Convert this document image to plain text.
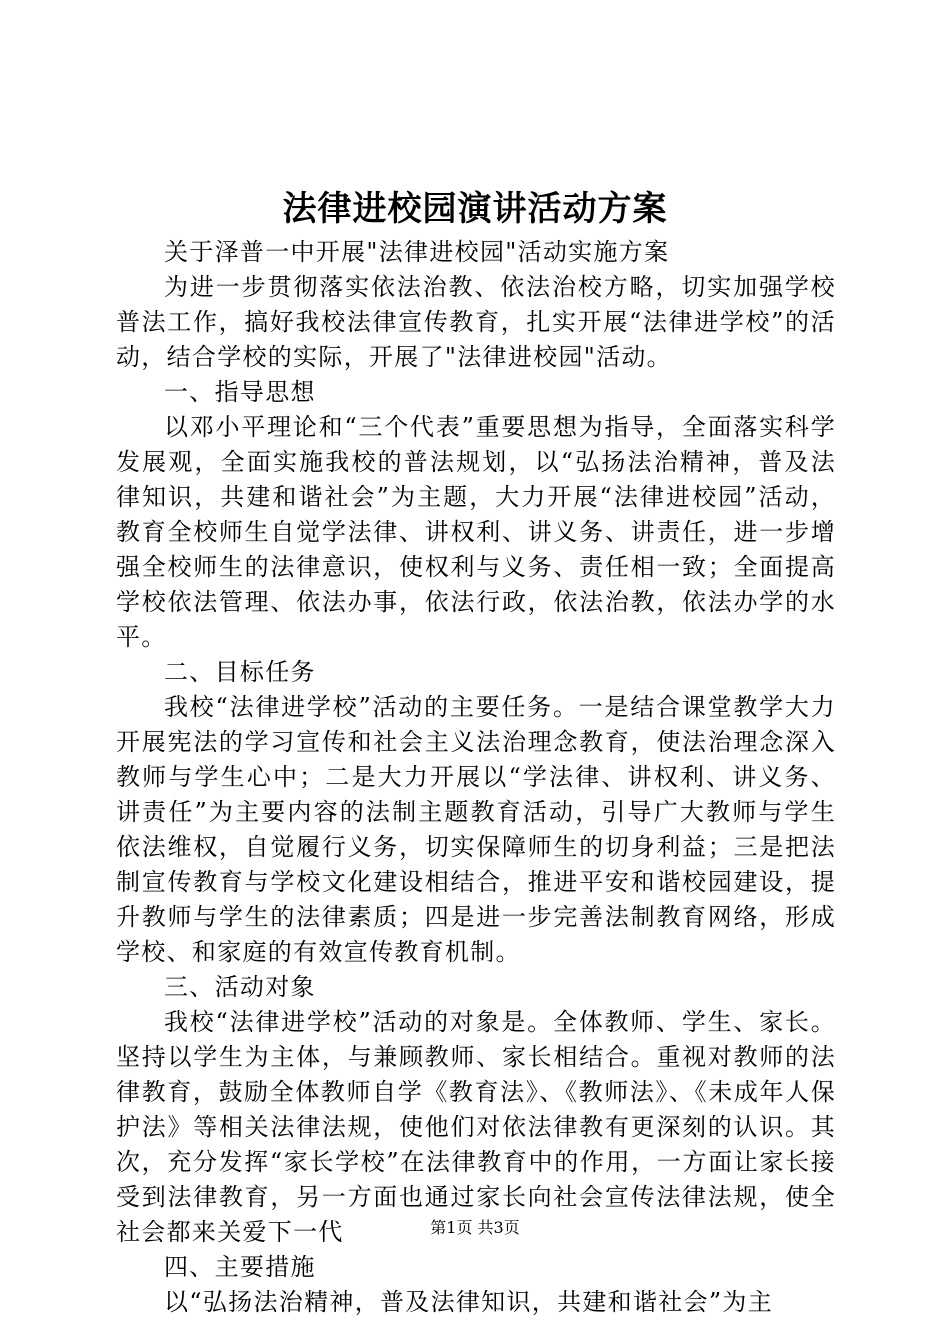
法律进校园演讲活动方案

关于泽普一中开展"法律进校园"活动实施方案

为进一步贯彻落实依法治教、依法治校方略，切实加强学校普法工作，搞好我校法律宣传教育，扎实开展“法律进学校”的活动，结合学校的实际，开展了"法律进校园"活动。

一、指导思想

以邓小平理论和“三个代表”重要思想为指导，全面落实科学发展观，全面实施我校的普法规划，以“弘扬法治精神，普及法律知识，共建和谐社会”为主题，大力开展“法律进校园”活动，教育全校师生自觉学法律、讲权利、讲义务、讲责任，进一步增强全校师生的法律意识，使权利与义务、责任相一致；全面提高学校依法管理、依法办事，依法行政，依法治教，依法办学的水平。

二、目标任务

我校“法律进学校”活动的主要任务。一是结合课堂教学大力开展宪法的学习宣传和社会主义法治理念教育，使法治理念深入教师与学生心中；二是大力开展以“学法律、讲权利、讲义务、讲责任”为主要内容的法制主题教育活动，引导广大教师与学生依法维权，自觉履行义务，切实保障师生的切身利益；三是把法制宣传教育与学校文化建设相结合，推进平安和谐校园建设，提升教师与学生的法律素质；四是进一步完善法制教育网络，形成学校、和家庭的有效宣传教育机制。

三、活动对象

我校“法律进学校”活动的对象是。全体教师、学生、家长。坚持以学生为主体，与兼顾教师、家长相结合。重视对教师的法律教育，鼓励全体教师自学《教育法》、《教师法》、《未成年人保护法》等相关法律法规，使他们对依法律教有更深刻的认识。其次，充分发挥“家长学校”在法律教育中的作用，一方面让家长接受到法律教育，另一方面也通过家长向社会宣传法律法规，使全社会都来关爱下一代

四、主要措施

以“弘扬法治精神，普及法律知识，共建和谐社会”为主

第1页 共3页
